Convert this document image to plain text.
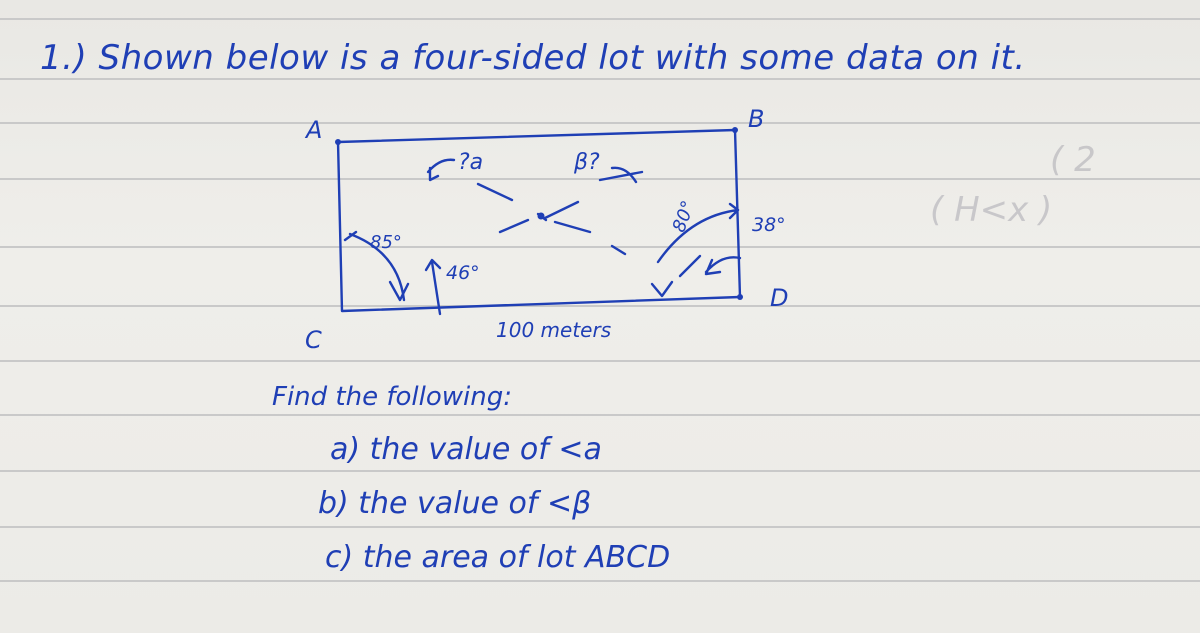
( H<x )
( 2
1.) Shown below is a four-sided lot with some data on it.
A	B
C
D
?a	β?
85°
46°
80°	38°
100 meters
Find the following:
a) the value of <a
b) the value of <β
c) the area of lot ABCD
